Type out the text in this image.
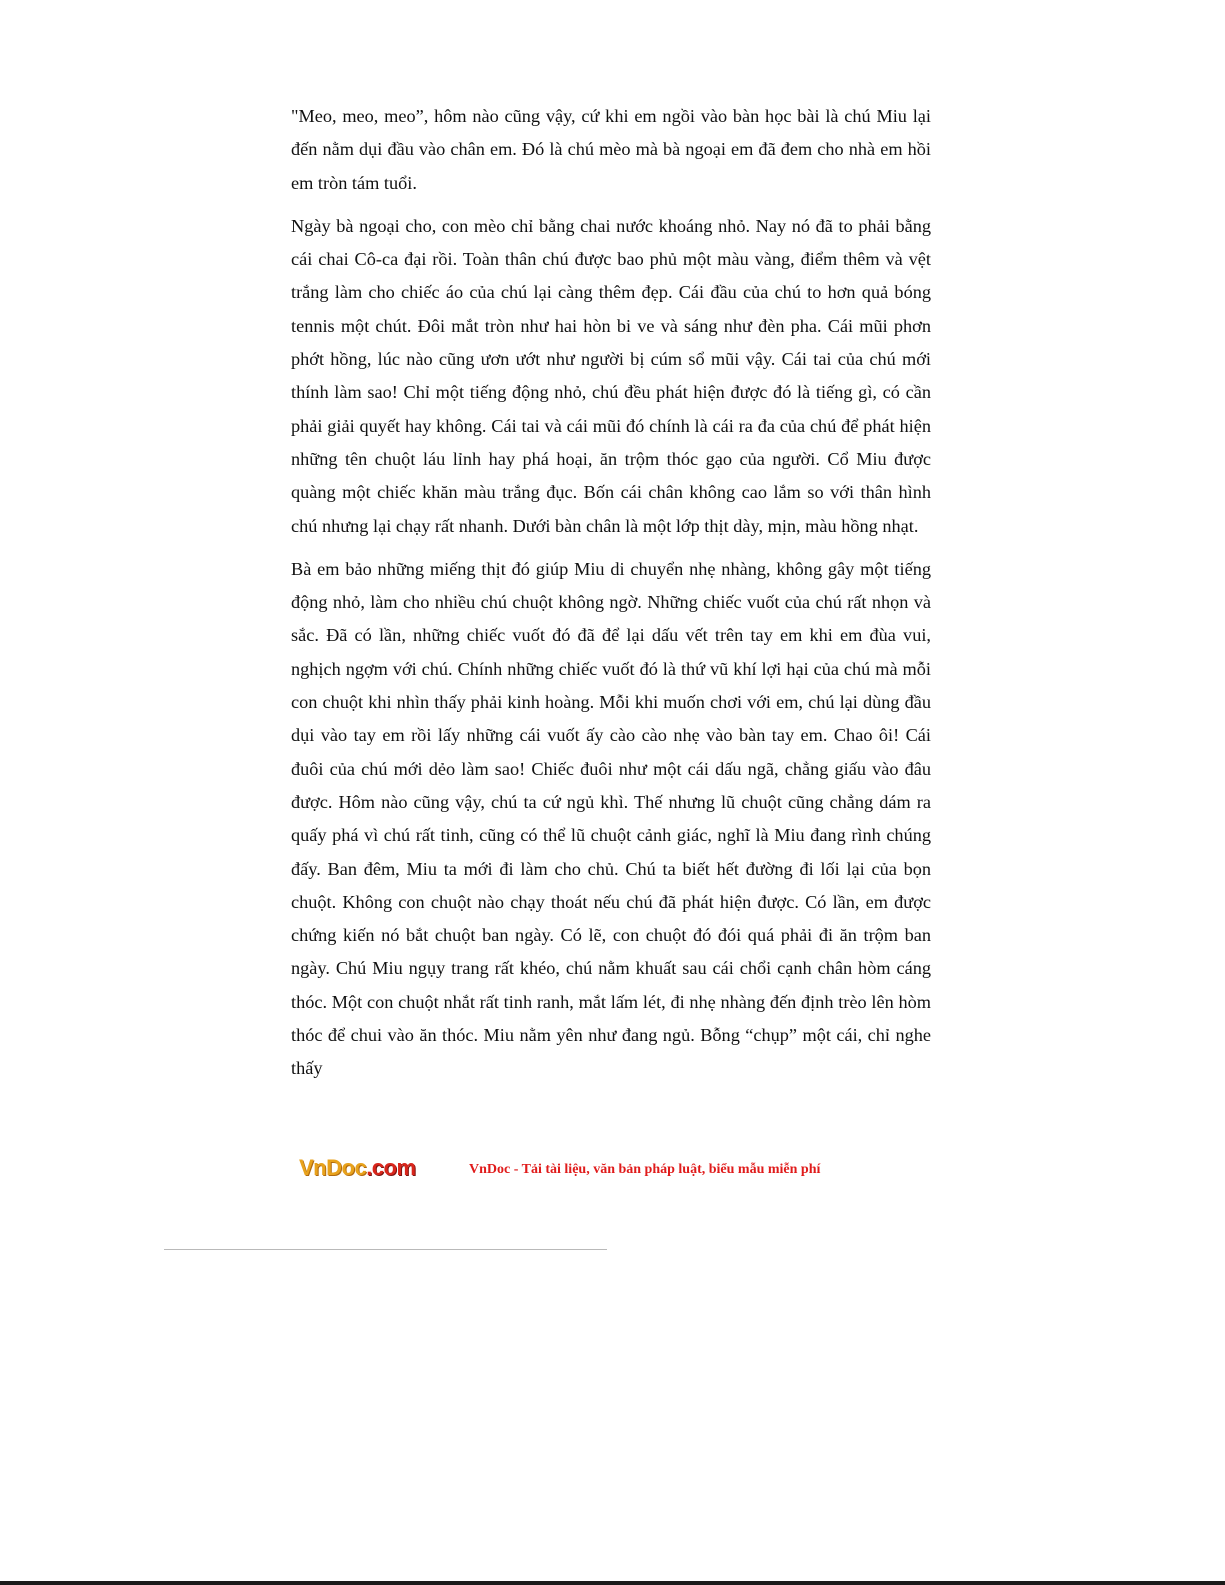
"Meo, meo, meo”, hôm nào cũng vậy, cứ khi em ngồi vào bàn học bài là chú Miu lại đến nằm dụi đầu vào chân em. Đó là chú mèo mà bà ngoại em đã đem cho nhà em hồi em tròn tám tuổi.

Ngày bà ngoại cho, con mèo chỉ bằng chai nước khoáng nhỏ. Nay nó đã to phải bằng cái chai Cô-ca đại rồi. Toàn thân chú được bao phủ một màu vàng, điểm thêm và vệt trắng làm cho chiếc áo của chú lại càng thêm đẹp. Cái đầu của chú to hơn quả bóng tennis một chút. Đôi mắt tròn như hai hòn bi ve và sáng như đèn pha. Cái mũi phơn phớt hồng, lúc nào cũng ươn ướt như người bị cúm sổ mũi vậy. Cái tai của chú mới thính làm sao! Chỉ một tiếng động nhỏ, chú đều phát hiện được đó là tiếng gì, có cần phải giải quyết hay không. Cái tai và cái mũi đó chính là cái ra đa của chú để phát hiện những tên chuột láu lỉnh hay phá hoại, ăn trộm thóc gạo của người. Cổ Miu được quàng một chiếc khăn màu trắng đục. Bốn cái chân không cao lắm so với thân hình chú nhưng lại chạy rất nhanh. Dưới bàn chân là một lớp thịt dày, mịn, màu hồng nhạt.

Bà em bảo những miếng thịt đó giúp Miu di chuyển nhẹ nhàng, không gây một tiếng động nhỏ, làm cho nhiều chú chuột không ngờ. Những chiếc vuốt của chú rất nhọn và sắc. Đã có lần, những chiếc vuốt đó đã để lại dấu vết trên tay em khi em đùa vui, nghịch ngợm với chú. Chính những chiếc vuốt đó là thứ vũ khí lợi hại của chú mà mỗi con chuột khi nhìn thấy phải kinh hoàng. Mỗi khi muốn chơi với em, chú lại dùng đầu dụi vào tay em rồi lấy những cái vuốt ấy cào cào nhẹ vào bàn tay em. Chao ôi! Cái đuôi của chú mới dẻo làm sao! Chiếc đuôi như một cái dấu ngã, chẳng giấu vào đâu được. Hôm nào cũng vậy, chú ta cứ ngủ khì. Thế nhưng lũ chuột cũng chẳng dám ra quấy phá vì chú rất tinh, cũng có thể lũ chuột cảnh giác, nghĩ là Miu đang rình chúng đấy. Ban đêm, Miu ta mới đi làm cho chủ. Chú ta biết hết đường đi lối lại của bọn chuột. Không con chuột nào chạy thoát nếu chú đã phát hiện được. Có lần, em được chứng kiến nó bắt chuột ban ngày. Có lẽ, con chuột đó đói quá phải đi ăn trộm ban ngày. Chú Miu ngụy trang rất khéo, chú nằm khuất sau cái chổi cạnh chân hòm cáng thóc. Một con chuột nhắt rất tinh ranh, mắt lấm lét, đi nhẹ nhàng đến định trèo lên hòm thóc để chui vào ăn thóc. Miu nằm yên như đang ngủ. Bỗng “chụp” một cái, chỉ nghe thấy

VnDoc.com	VnDoc - Tải tài liệu, văn bản pháp luật, biểu mẫu miễn phí
